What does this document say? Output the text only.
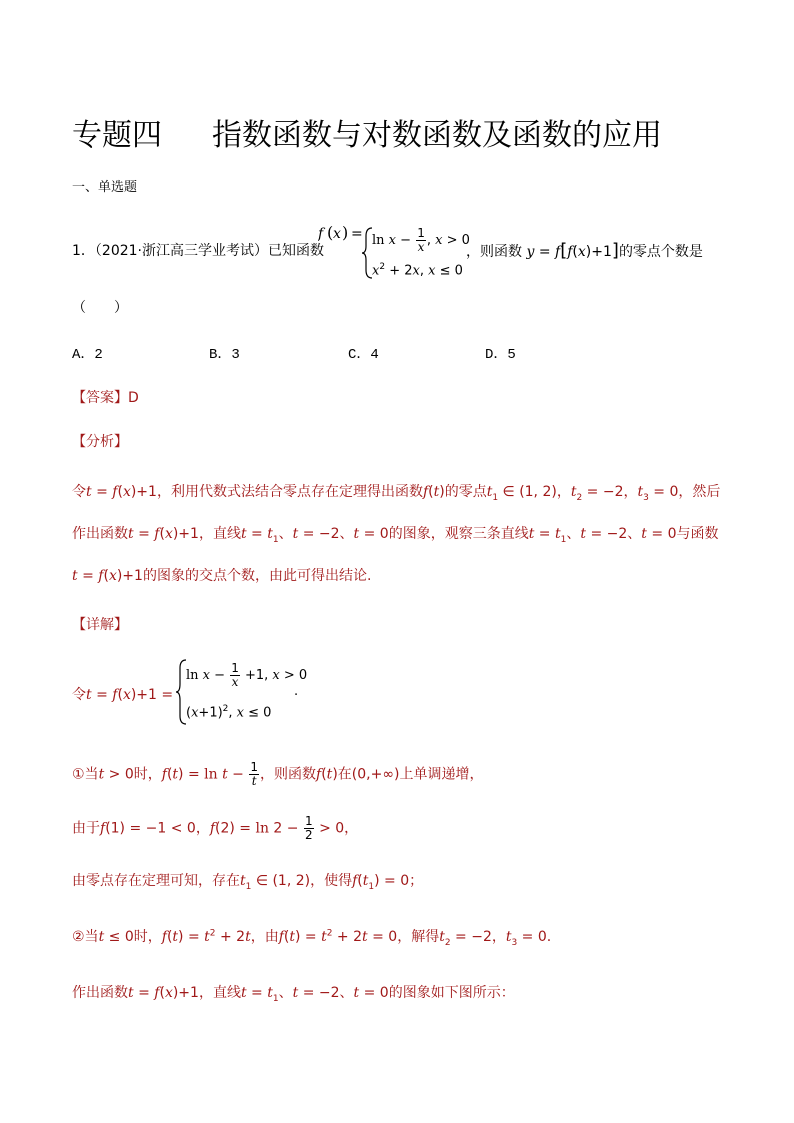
专题四 指数函数与对数函数及函数的应用
一、单选题
1．（2021·浙江高三学业考试）已知函数
f ( x ) = $\ln x - \frac{1}{x}$ , x > 0
$x^2 + 2x$, x ≤ 0
，则函数 y = f[f(x)+1]的零点个数是
（　　）
A．2	B．3	C．4	D．5
【答案】D
【分析】
令t = f(x)+1，利用代数式法结合零点存在定理得出函数f(t)的零点$t_1$ ∈ (1, 2)，$t_2 = -2$，$t_3 = 0$，然后
作出函数t = f(x)+1，直线$t = t_1$、t = −2、t = 0的图象，观察三条直线$t = t_1$、t = −2、t = 0与函数
t = f(x)+1的图象的交点个数，由此可得出结论.
【详解】
令t = f(x)+1 =
$\ln x - \frac{1}{x} +1$, x > 0
$(x+1)^2$, x ≤ 0
.
①当t > 0时，$f(t) = \ln t - \frac{1}{t}$ ，则函数f(t)在(0,+∞)上单调递增，
由于f(1) = −1 < 0，$f(2) = \ln 2 - \frac{1}{2} > 0$，
由零点存在定理可知，存在$t_1$ ∈ (1, 2)，使得$f(t_1) = 0$；
②当t ≤ 0时，$f(t) = t^2 + 2t$，由$f(t) = t^2 + 2t = 0$，解得$t_2 = -2$，$t_3 = 0$.
作出函数t = f(x)+1，直线$t = t_1$、t = −2、t = 0的图象如下图所示：
